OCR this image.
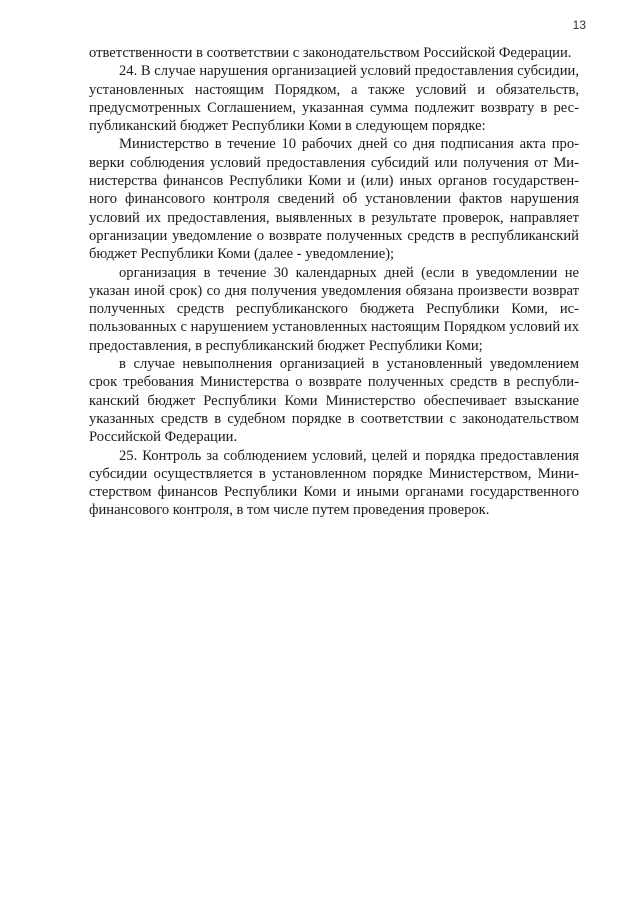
13

ответственности в соответствии с законодательством Российской Федерации.

24. В случае нарушения организацией условий предоставления субсидии, установленных настоящим Порядком, а также условий и обязательств, предусмотренных Соглашением, указанная сумма подлежит возврату в республиканский бюджет Республики Коми в следующем порядке:

Министерство в течение 10 рабочих дней со дня подписания акта проверки соблюдения условий предоставления субсидий или получения от Министерства финансов Республики Коми и (или) иных органов государственного финансового контроля сведений об установлении фактов нарушения условий их предоставления, выявленных в результате проверок, направляет организации уведомление о возврате полученных средств в республиканский бюджет Республики Коми (далее - уведомление);

организация в течение 30 календарных дней (если в уведомлении не указан иной срок) со дня получения уведомления обязана произвести возврат полученных средств республиканского бюджета Республики Коми, использованных с нарушением установленных настоящим Порядком условий их предоставления, в республиканский бюджет Республики Коми;

в случае невыполнения организацией в установленный уведомлением срок требования Министерства о возврате полученных средств в республиканский бюджет Республики Коми Министерство обеспечивает взыскание указанных средств в судебном порядке в соответствии с законодательством Российской Федерации.

25. Контроль за соблюдением условий, целей и порядка предоставления субсидии осуществляется в установленном порядке Министерством, Министерством финансов Республики Коми и иными органами государственного финансового контроля, в том числе путем проведения проверок.
